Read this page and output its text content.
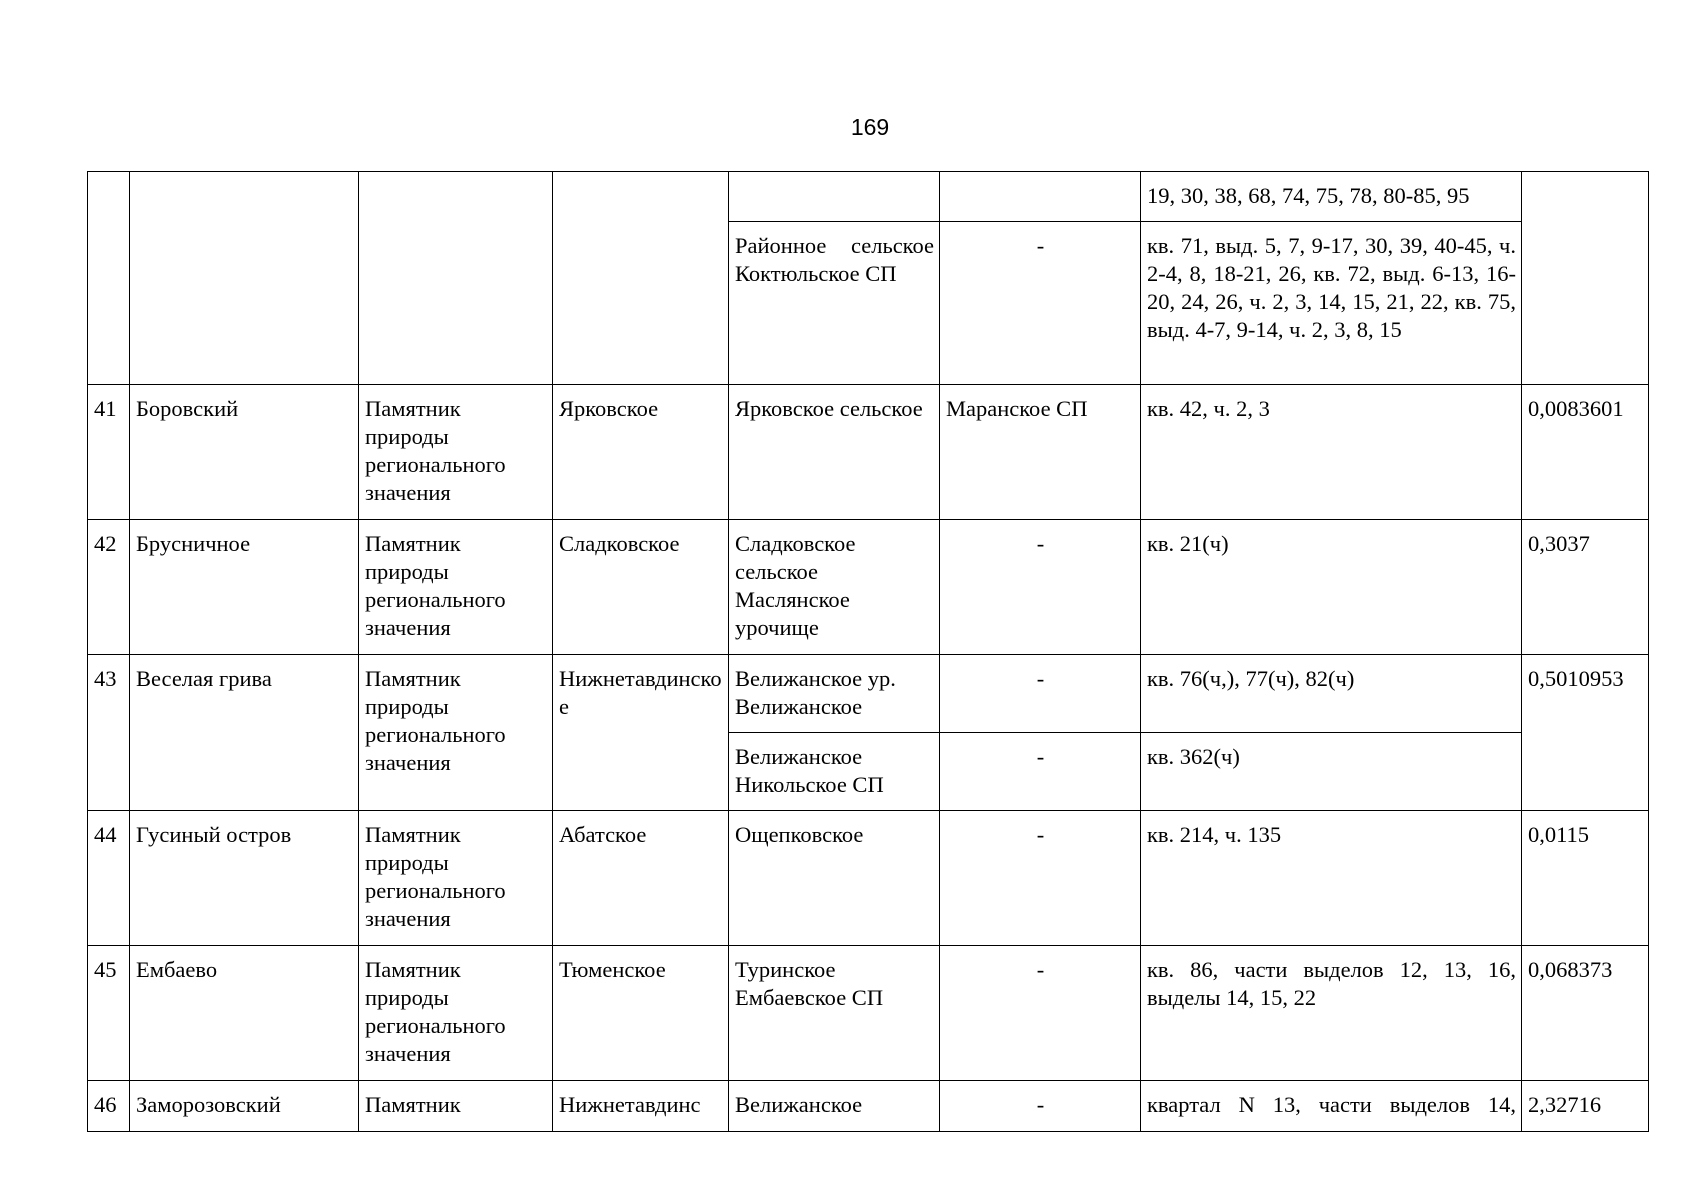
169
						19, 30, 38, 68, 74, 75, 78, 80-85, 95	
				Районное сельское Коктюльское СП	-	кв. 71, выд. 5, 7, 9-17, 30, 39, 40-45, ч. 2-4, 8, 18-21, 26, кв. 72, выд. 6-13, 16-20, 24, 26, ч. 2, 3, 14, 15, 21, 22, кв. 75, выд. 4-7, 9-14, ч. 2, 3, 8, 15	
41	Боровский	Памятник природы регионального значения	Ярковское	Ярковское сельское	Маранское СП	кв. 42, ч. 2, 3	0,0083601
42	Брусничное	Памятник природы регионального значения	Сладковское	Сладковское сельское Маслянское урочище	-	кв. 21(ч)	0,3037
43	Веселая грива	Памятник природы регионального значения	Нижнетавдинское	Велижанское ур. Велижанское	-	кв. 76(ч,), 77(ч), 82(ч)	0,5010953
				Велижанское Никольское СП	-	кв. 362(ч)	
44	Гусиный остров	Памятник природы регионального значения	Абатское	Ощепковское	-	кв. 214, ч. 135	0,0115
45	Ембаево	Памятник природы регионального значения	Тюменское	Туринское Ембаевское СП	-	кв. 86, части выделов 12, 13, 16, выделы 14, 15, 22	0,068373
46	Заморозовский	Памятник	Нижнетавдинс	Велижанское	-	квартал N 13, части выделов 14,	2,32716
